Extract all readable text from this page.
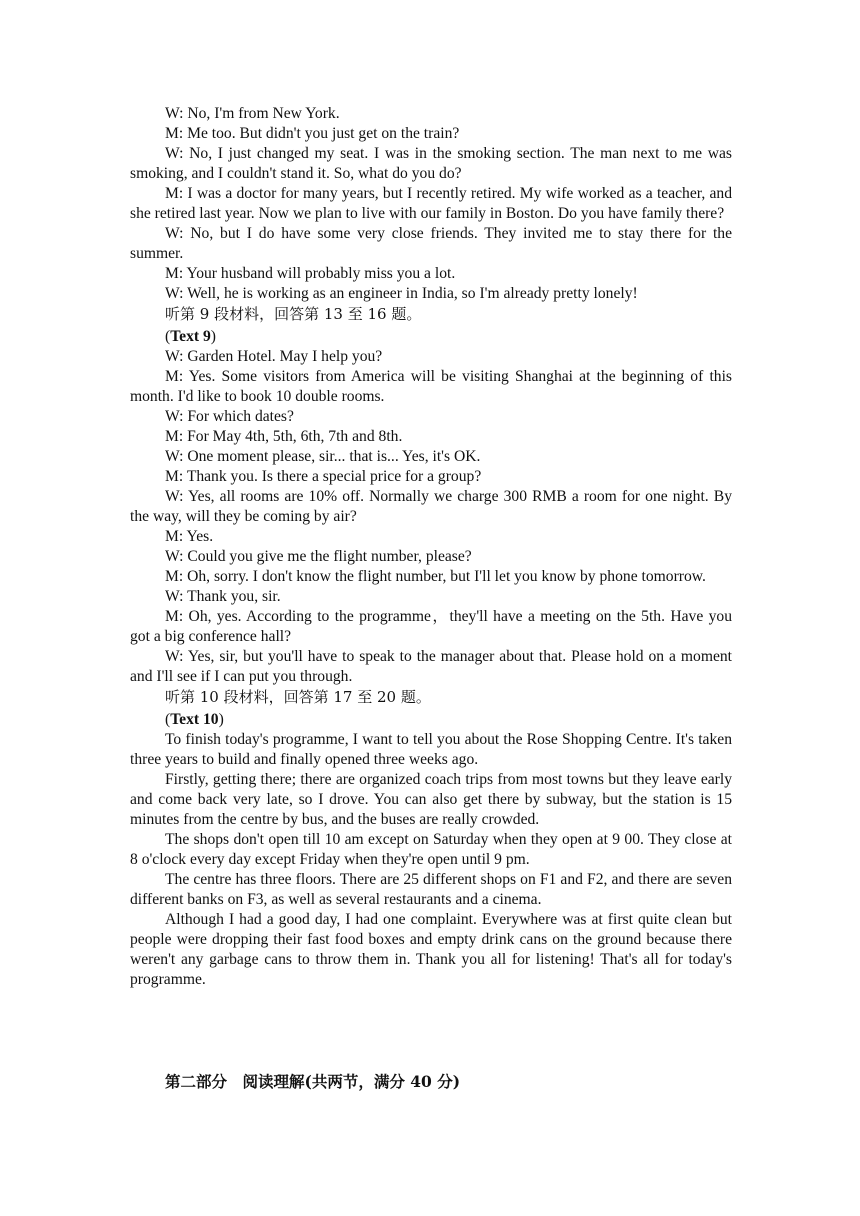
W: No, I'm from New York.

M: Me too. But didn't you just get on the train?

W: No, I just changed my seat. I was in the smoking section. The man next to me was smoking, and I couldn't stand it. So, what do you do?

M: I was a doctor for many years, but I recently retired. My wife worked as a teacher, and she retired last year. Now we plan to live with our family in Boston. Do you have family there?

W: No, but I do have some very close friends. They invited me to stay there for the summer.

M: Your husband will probably miss you a lot.

W: Well, he is working as an engineer in India, so I'm already pretty lonely!

听第 9 段材料，回答第 13 至 16 题。

(Text 9)

W: Garden Hotel. May I help you?

M: Yes. Some visitors from America will be visiting Shanghai at the beginning of this month. I'd like to book 10 double rooms.

W: For which dates?

M: For May 4th, 5th, 6th, 7th and 8th.

W: One moment please, sir... that is... Yes, it's OK.

M: Thank you. Is there a special price for a group?

W: Yes, all rooms are 10% off. Normally we charge 300 RMB a room for one night. By the way, will they be coming by air?

M: Yes.

W: Could you give me the flight number, please?

M: Oh, sorry. I don't know the flight number, but I'll let you know by phone tomorrow.

W: Thank you, sir.

M: Oh, yes. According to the programme，they'll have a meeting on the 5th. Have you got a big conference hall?

W: Yes, sir, but you'll have to speak to the manager about that. Please hold on a moment and I'll see if I can put you through.

听第 10 段材料，回答第 17 至 20 题。

(Text 10)

To finish today's programme, I want to tell you about the Rose Shopping Centre. It's taken three years to build and finally opened three weeks ago.

Firstly, getting there; there are organized coach trips from most towns but they leave early and come back very late, so I drove. You can also get there by subway, but the station is 15 minutes from the centre by bus, and the buses are really crowded.

The shops don't open till 10 am except on Saturday when they open at 9 00. They close at 8 o'clock every day except Friday when they're open until 9 pm.

The centre has three floors. There are 25 different shops on F1 and F2, and there are seven different banks on F3, as well as several restaurants and a cinema.

Although I had a good day, I had one complaint. Everywhere was at first quite clean but people were dropping their fast food boxes and empty drink cans on the ground because there weren't any garbage cans to throw them in. Thank you all for listening! That's all for today's programme.

第二部分　阅读理解(共两节，满分 40 分)
